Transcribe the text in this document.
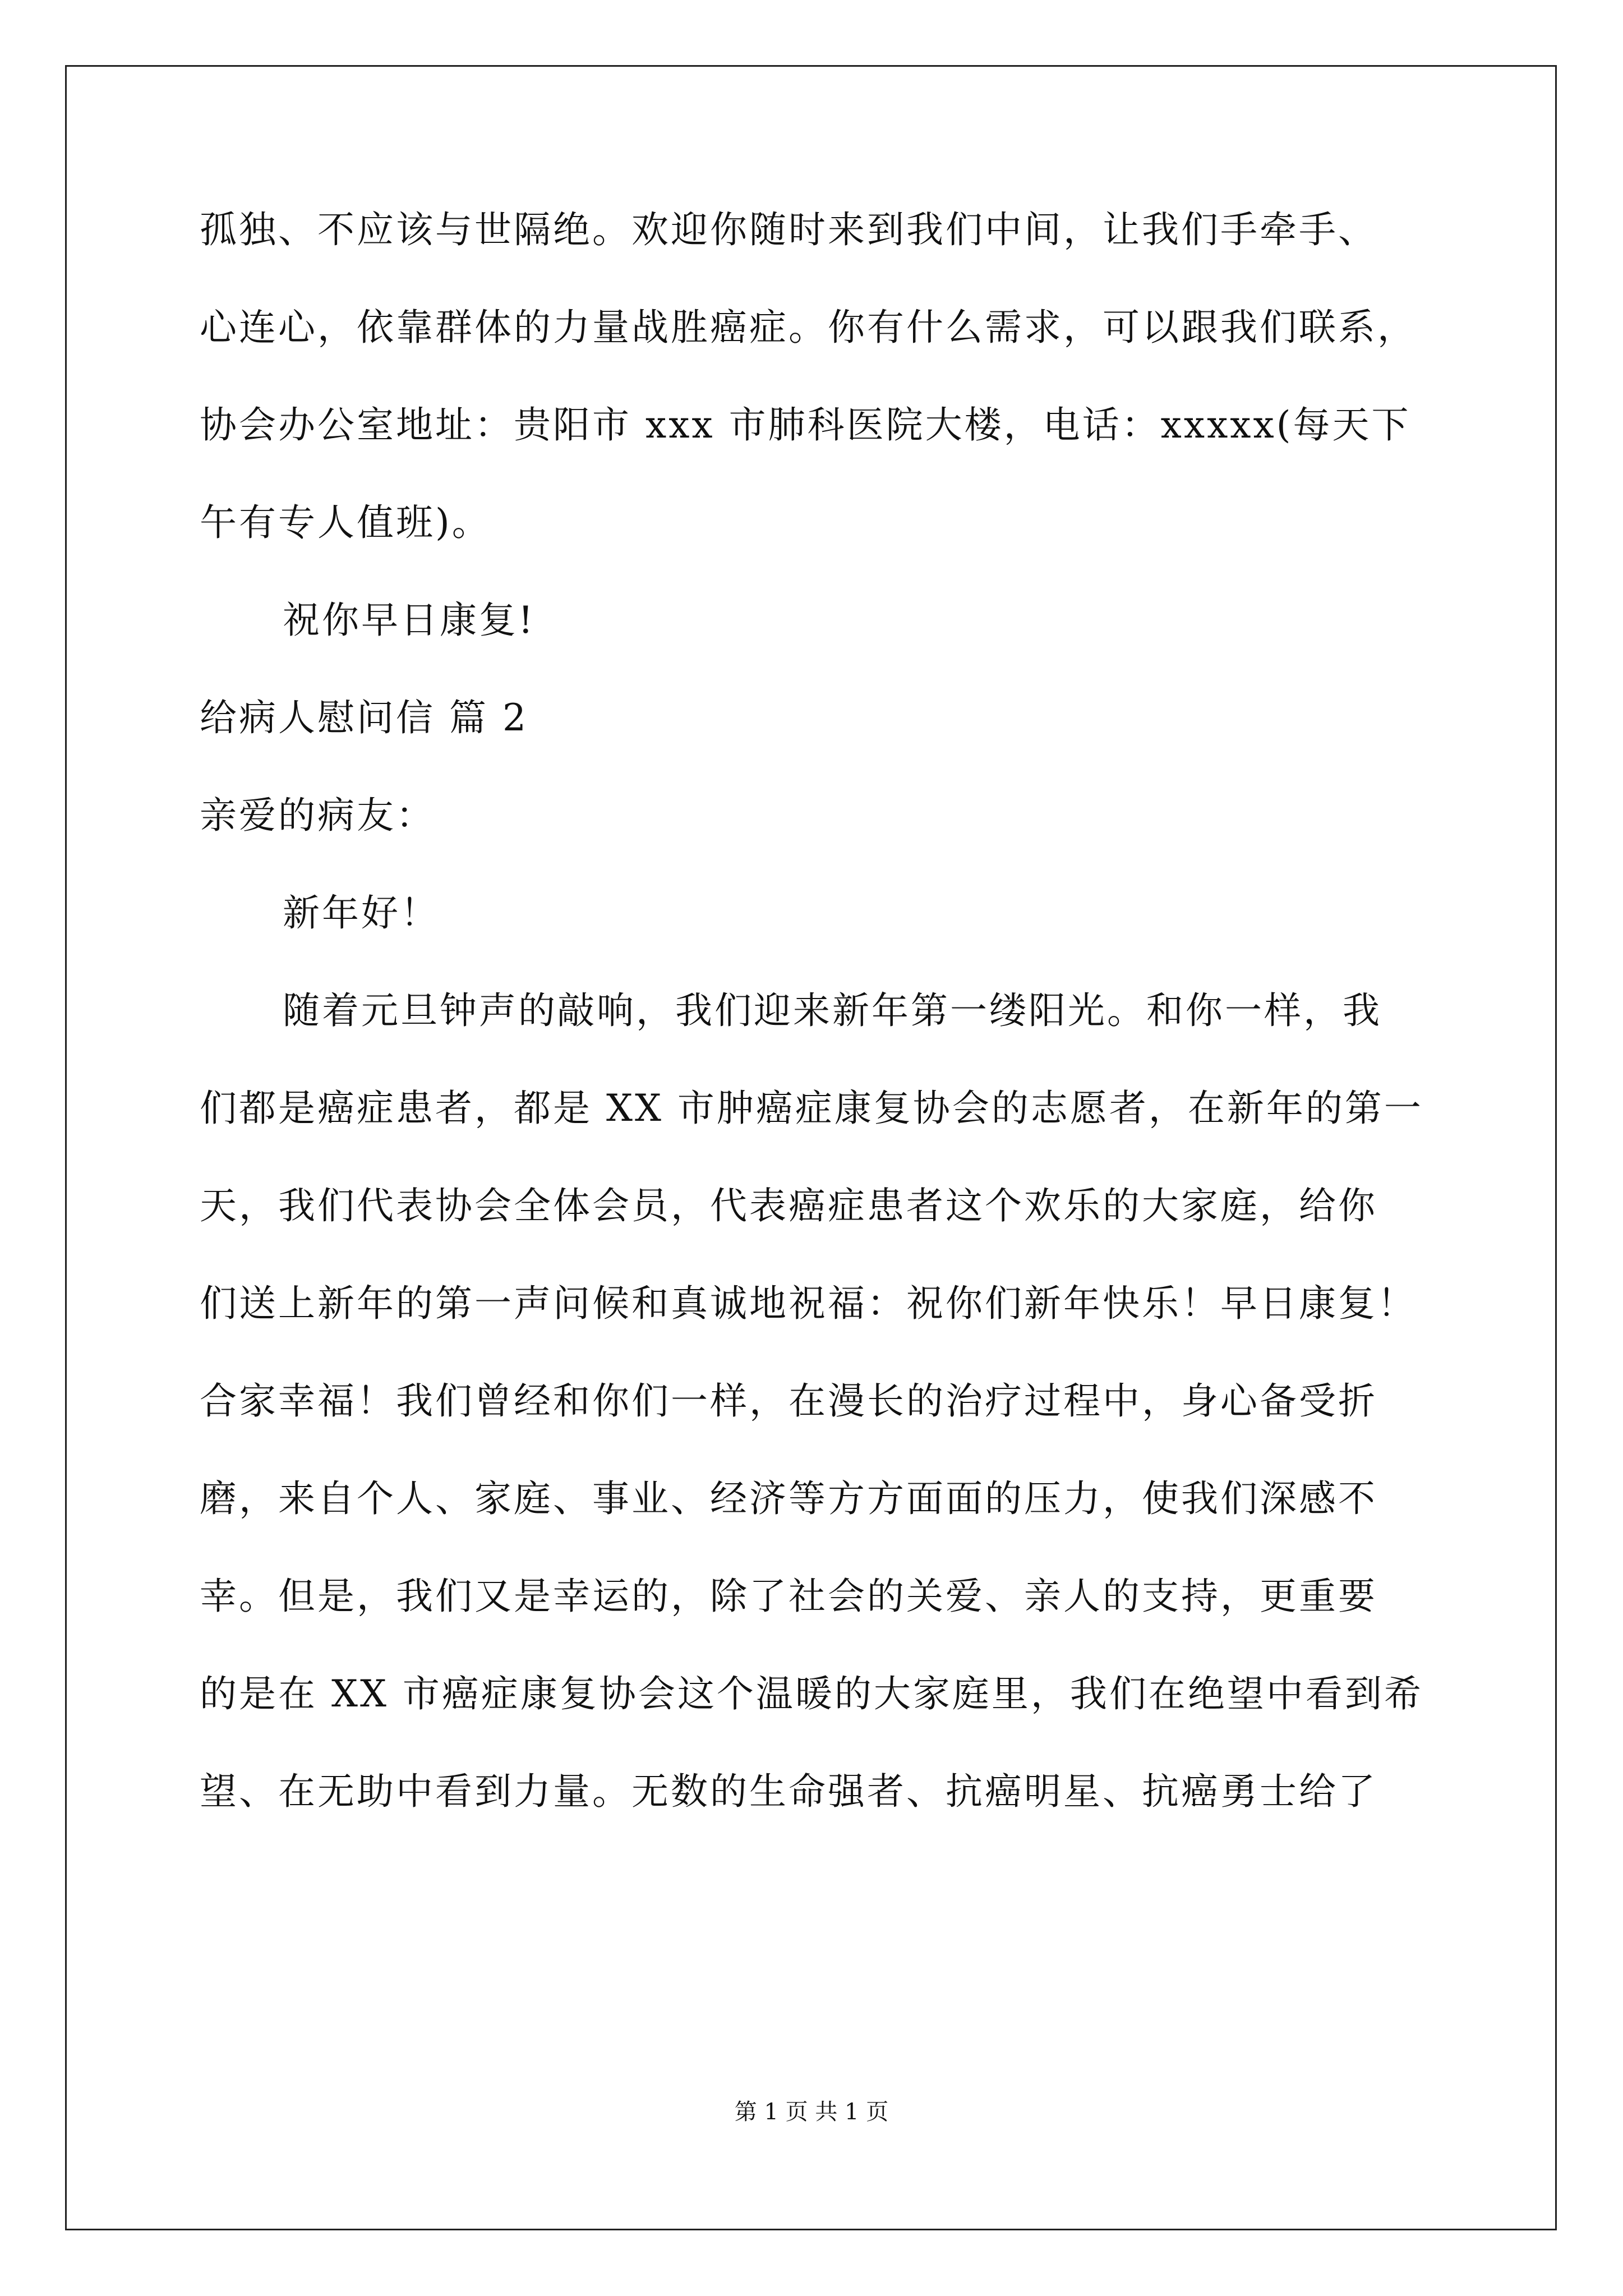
孤独、不应该与世隔绝。欢迎你随时来到我们中间，让我们手牵手、
心连心，依靠群体的力量战胜癌症。你有什么需求，可以跟我们联系，
协会办公室地址：贵阳市 xxx 市肺科医院大楼，电话：xxxxx(每天下
午有专人值班)。
祝你早日康复!
给病人慰问信 篇 2
亲爱的病友：
新年好！
随着元旦钟声的敲响，我们迎来新年第一缕阳光。和你一样，我
们都是癌症患者，都是 XX 市肿癌症康复协会的志愿者，在新年的第一
天，我们代表协会全体会员，代表癌症患者这个欢乐的大家庭，给你
们送上新年的第一声问候和真诚地祝福：祝你们新年快乐！早日康复！
合家幸福！我们曾经和你们一样，在漫长的治疗过程中，身心备受折
磨，来自个人、家庭、事业、经济等方方面面的压力，使我们深感不
幸。但是，我们又是幸运的，除了社会的关爱、亲人的支持，更重要
的是在 XX 市癌症康复协会这个温暖的大家庭里，我们在绝望中看到希
望、在无助中看到力量。无数的生命强者、抗癌明星、抗癌勇士给了
第 1 页 共 1 页
